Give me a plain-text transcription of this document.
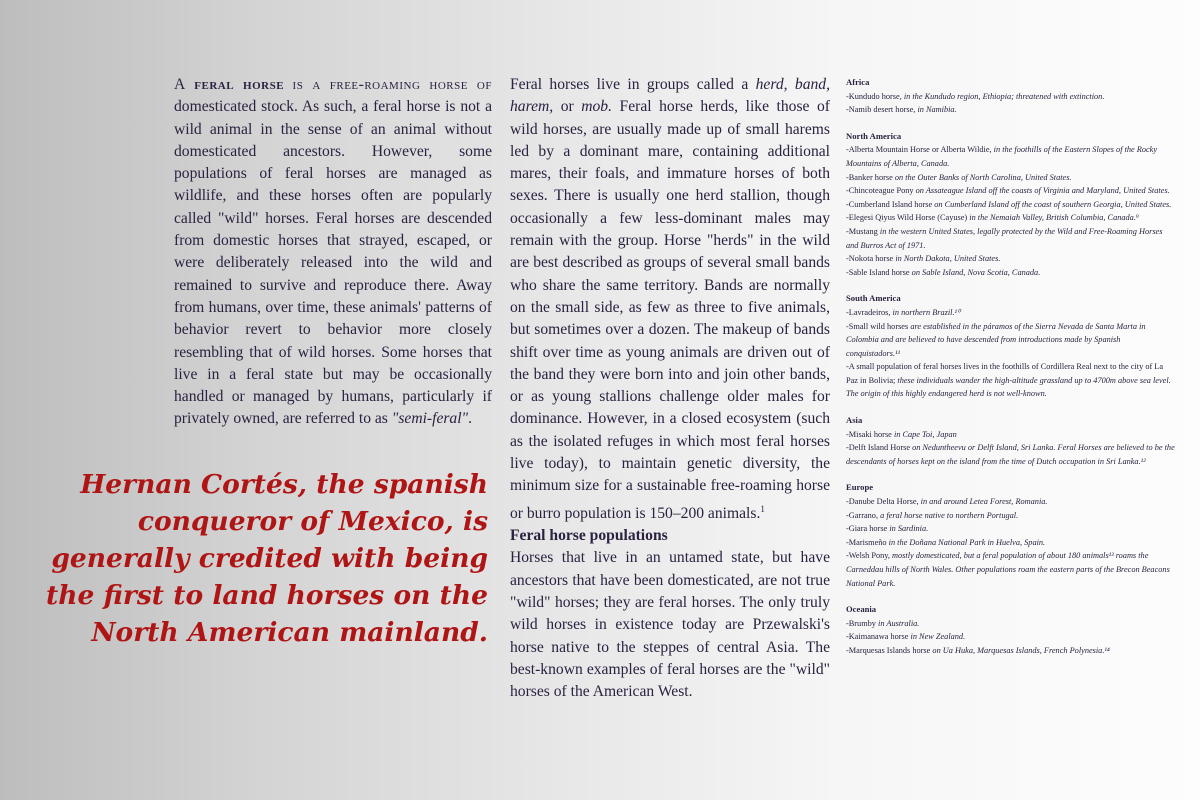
A feral horse is a free-roaming horse of domesticated stock. As such, a feral horse is not a wild animal in the sense of an animal without domesticated ancestors. However, some populations of feral horses are managed as wildlife, and these horses often are popularly called "wild" horses. Feral horses are descended from domestic horses that strayed, escaped, or were deliberately released into the wild and remained to survive and reproduce there. Away from humans, over time, these animals' patterns of behavior revert to behavior more closely resembling that of wild horses. Some horses that live in a feral state but may be occasionally handled or managed by humans, particularly if privately owned, are referred to as "semi-feral".
Hernan Cortés, the spanish conqueror of Mexico, is generally credited with being the first to land horses on the North American mainland.

Feral horses live in groups called a herd, band, harem, or mob. Feral horse herds, like those of wild horses, are usually made up of small harems led by a dominant mare, containing additional mares, their foals, and immature horses of both sexes. There is usually one herd stallion, though occasionally a few less-dominant males may remain with the group. Horse "herds" in the wild are best described as groups of several small bands who share the same territory. Bands are normally on the small side, as few as three to five animals, but sometimes over a dozen. The makeup of bands shift over time as young animals are driven out of the band they were born into and join other bands, or as young stallions challenge older males for dominance. However, in a closed ecosystem (such as the isolated refuges in which most feral horses live today), to maintain genetic diversity, the minimum size for a sustainable free-roaming horse or burro population is 150–200 animals.$^1$

Feral horse populations

Horses that live in an untamed state, but have ancestors that have been domesticated, are not true "wild" horses; they are feral horses. The only truly wild horses in existence today are Przewalski's horse native to the steppes of central Asia. The best-known examples of feral horses are the "wild" horses of the American West.

Africa
-Kundudo horse, in the Kundudo region, Ethiopia; threatened with extinction.
-Namib desert horse, in Namibia.
North America
-Alberta Mountain Horse or Alberta Wildie, in the foothills of the Eastern Slopes of the Rocky Mountains of Alberta, Canada.
-Banker horse on the Outer Banks of North Carolina, United States.
-Chincoteague Pony on Assateague Island off the coasts of Virginia and Maryland, United States.
-Cumberland Island horse on Cumberland Island off the coast of southern Georgia, United States.
-Elegesi Qiyus Wild Horse (Cayuse) in the Nemaiah Valley, British Columbia, Canada.⁹
-Mustang in the western United States, legally protected by the Wild and Free-Roaming Horses and Burros Act of 1971.
-Nokota horse in North Dakota, United States.
-Sable Island horse on Sable Island, Nova Scotia, Canada.
South America
-Lavradeiros, in northern Brazil.¹⁰
-Small wild horses are established in the páramos of the Sierra Nevada de Santa Marta in Colombia and are believed to have descended from introductions made by Spanish conquistadors.¹¹
-A small population of feral horses lives in the foothills of Cordillera Real next to the city of La Paz in Bolivia; these individuals wander the high-altitude grassland up to 4700m above sea level. The origin of this highly endangered herd is not well-known.
Asia
-Misaki horse in Cape Toi, Japan
-Delft Island Horse on Neduntheevu or Delft Island, Sri Lanka. Feral Horses are believed to be the descendants of horses kept on the island from the time of Dutch occupation in Sri Lanka.¹²
Europe
-Danube Delta Horse, in and around Letea Forest, Romania.
-Garrano, a feral horse native to northern Portugal.
-Giara horse in Sardinia.
-Marismeño in the Doñana National Park in Huelva, Spain.
-Welsh Pony, mostly domesticated, but a feral population of about 180 animals¹³ roams the Carneddau hills of North Wales. Other populations roam the eastern parts of the Brecon Beacons National Park.
Oceania
-Brumby in Australia.
-Kaimanawa horse in New Zealand.
-Marquesas Islands horse on Ua Huka, Marquesas Islands, French Polynesia.¹⁴
